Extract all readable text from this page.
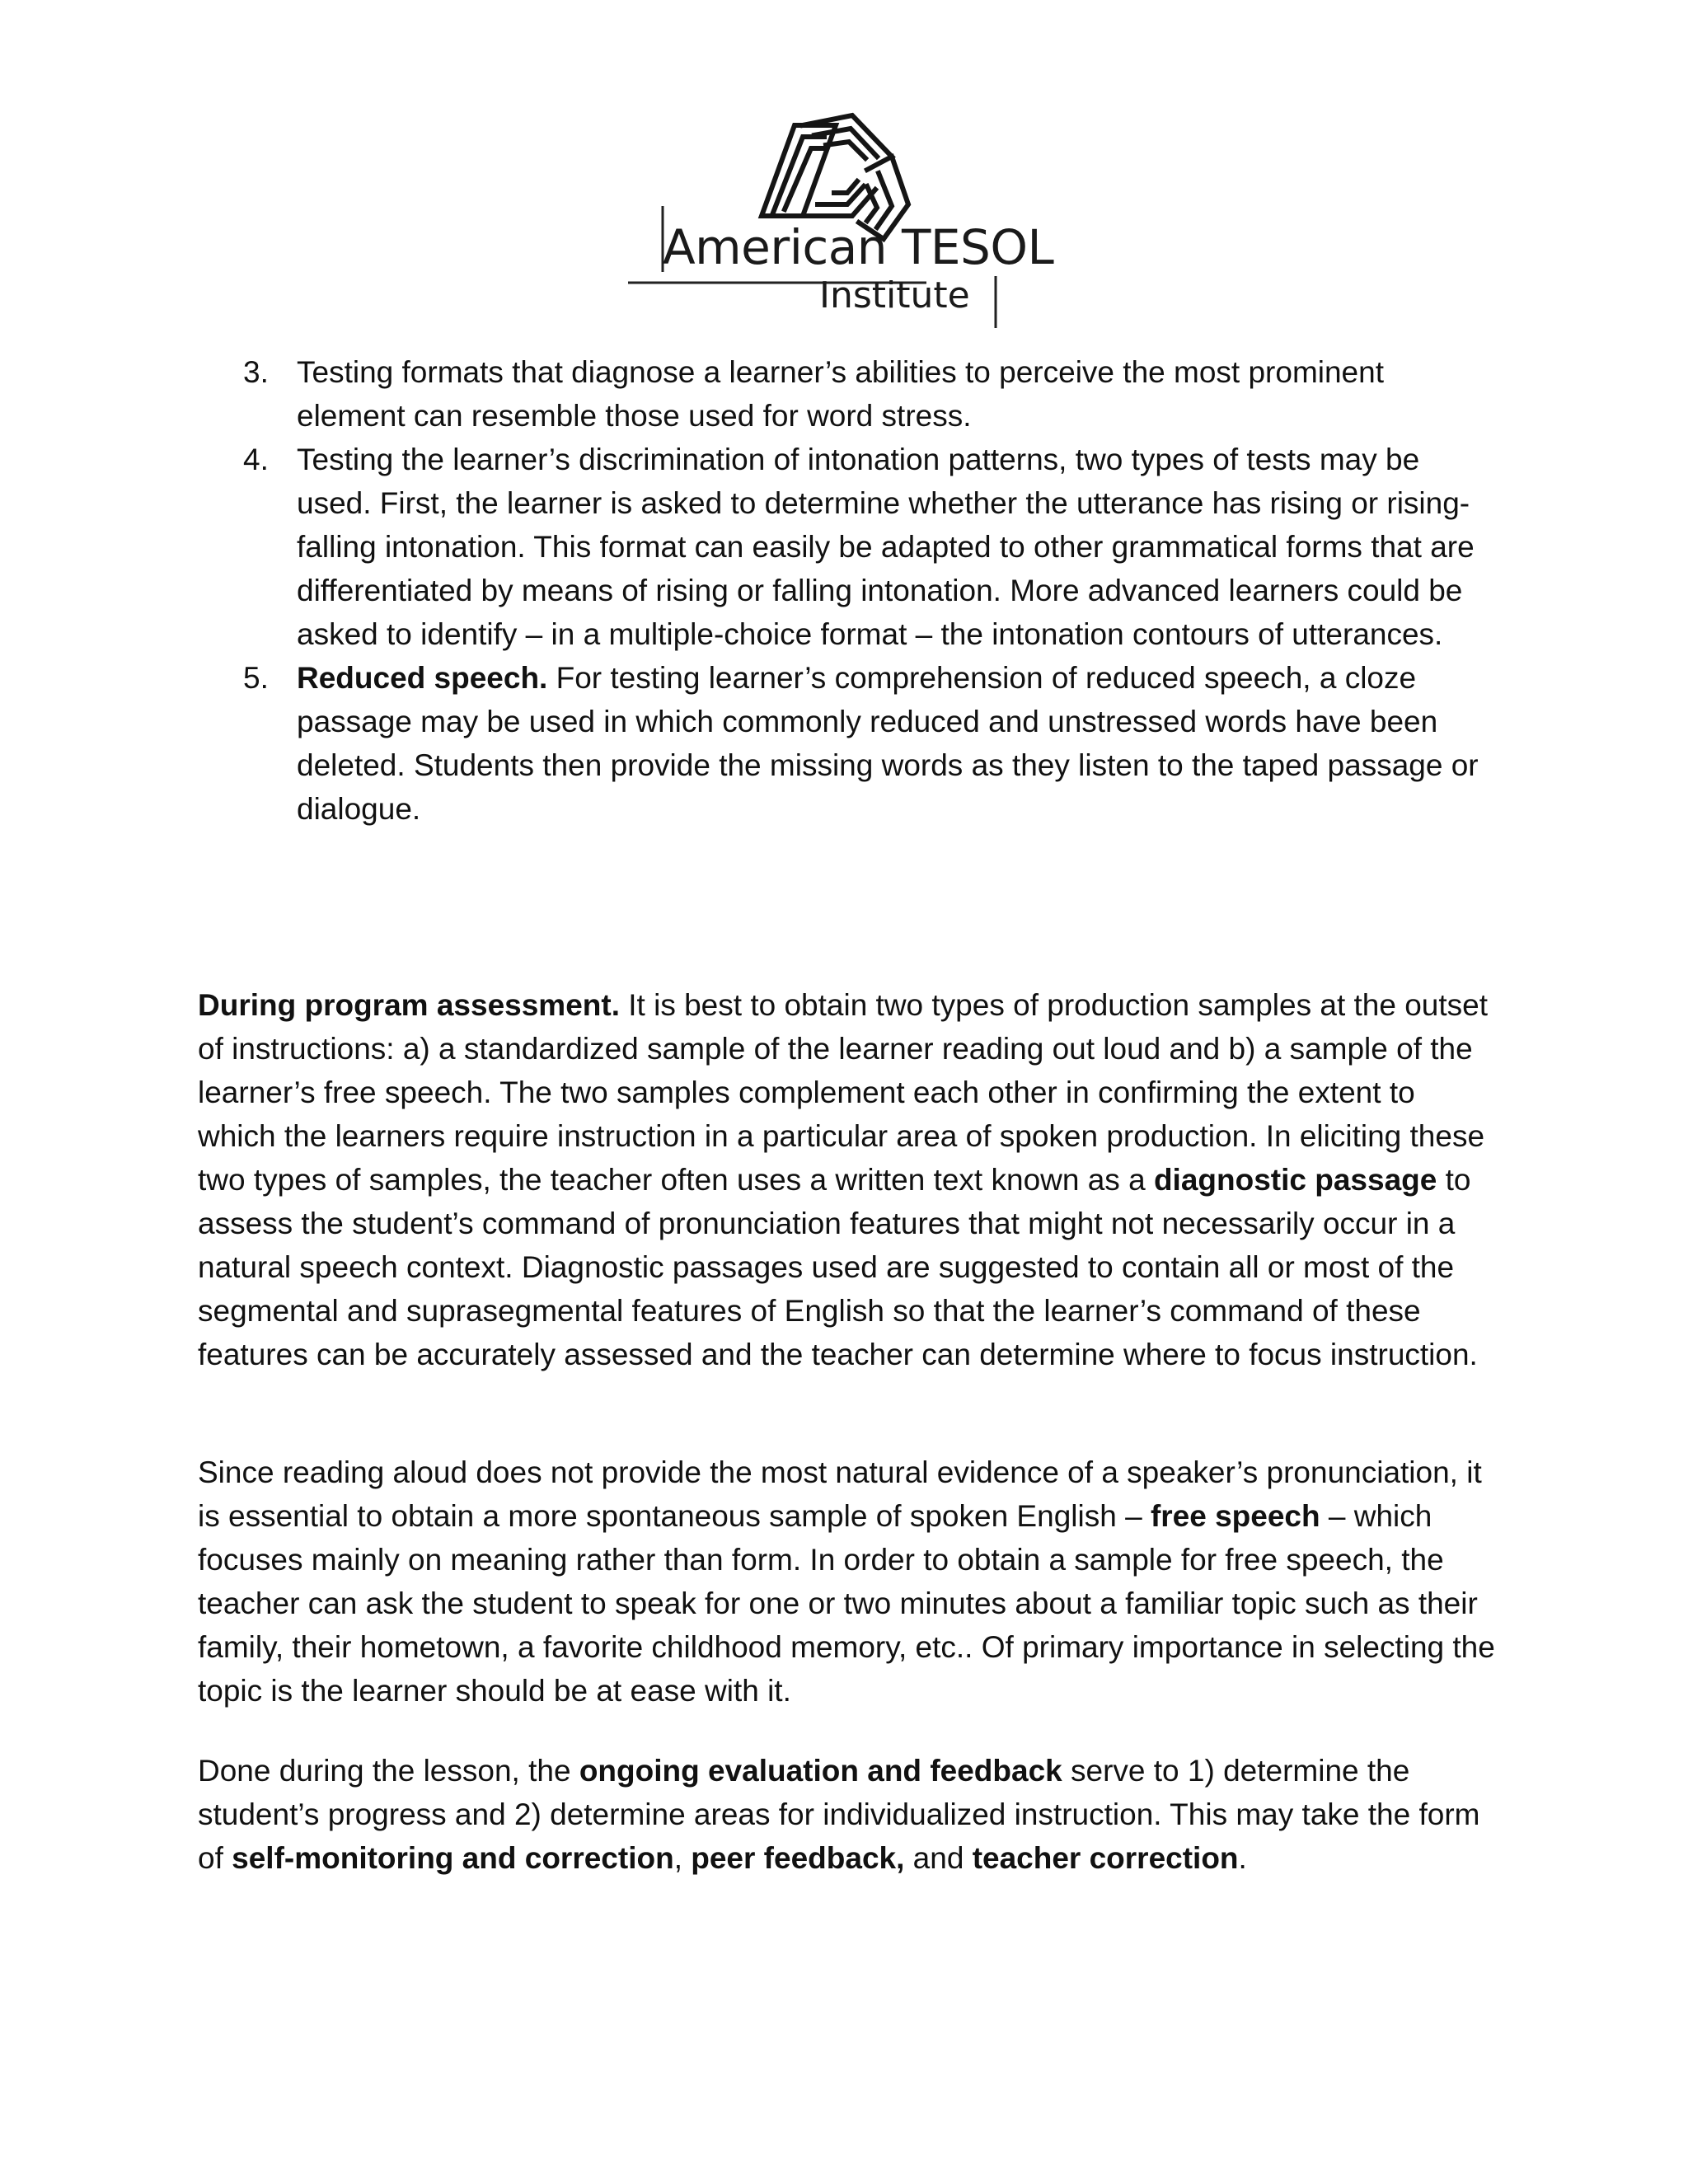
American TESOL
Institute
3. Testing formats that diagnose a learner’s abilities to perceive the most prominent element can resemble those used for word stress.
4. Testing the learner’s discrimination of intonation patterns, two types of tests may be used. First, the learner is asked to determine whether the utterance has rising or rising-falling intonation. This format can easily be adapted to other grammatical forms that are differentiated by means of rising or falling intonation. More advanced learners could be asked to identify – in a multiple-choice format – the intonation contours of utterances.
5. Reduced speech. For testing learner’s comprehension of reduced speech, a cloze passage may be used in which commonly reduced and unstressed words have been deleted. Students then provide the missing words as they listen to the taped passage or dialogue.

During program assessment. It is best to obtain two types of production samples at the outset of instructions: a) a standardized sample of the learner reading out loud and b) a sample of the learner’s free speech. The two samples complement each other in confirming the extent to which the learners require instruction in a particular area of spoken production. In eliciting these two types of samples, the teacher often uses a written text known as a diagnostic passage to assess the student’s command of pronunciation features that might not necessarily occur in a natural speech context. Diagnostic passages used are suggested to contain all or most of the segmental and suprasegmental features of English so that the learner’s command of these features can be accurately assessed and the teacher can determine where to focus instruction.

Since reading aloud does not provide the most natural evidence of a speaker’s pronunciation, it is essential to obtain a more spontaneous sample of spoken English – free speech – which focuses mainly on meaning rather than form. In order to obtain a sample for free speech, the teacher can ask the student to speak for one or two minutes about a familiar topic such as their family, their hometown, a favorite childhood memory, etc.. Of primary importance in selecting the topic is the learner should be at ease with it.

Done during the lesson, the ongoing evaluation and feedback serve to 1) determine the student’s progress and 2) determine areas for individualized instruction. This may take the form of self-monitoring and correction, peer feedback, and teacher correction.
